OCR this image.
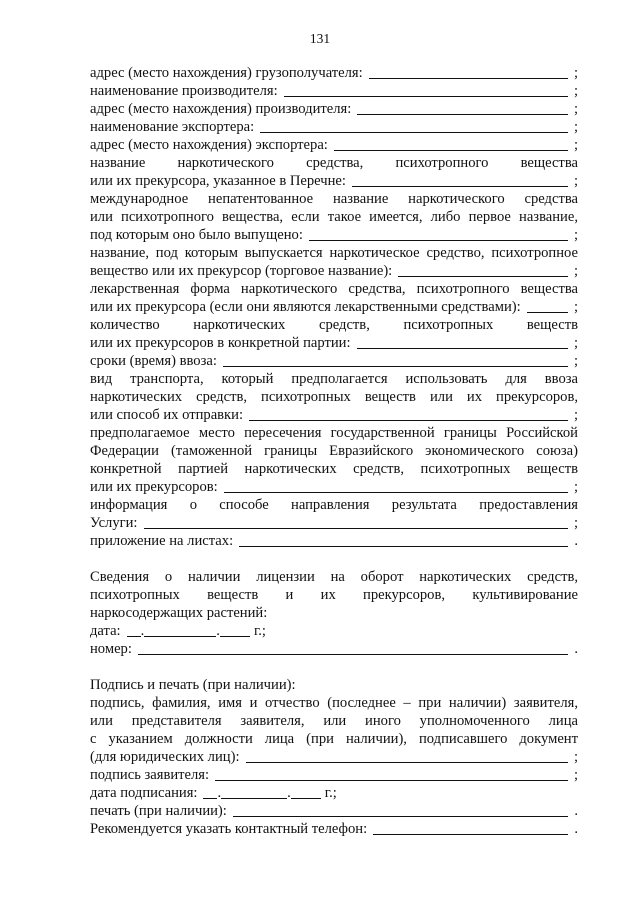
131
адрес (место нахождения) грузополучателя:	;
наименование производителя:	;
адрес (место нахождения) производителя:	;
наименование экспортера:	;
адрес (место нахождения) экспортера:	;
название наркотического средства, психотропного вещества
или их прекурсора, указанное в Перечне:	;
международное непатентованное название наркотического средства
или психотропного вещества, если такое имеется, либо первое название,
под которым оно было выпущено:	;
название, под которым выпускается наркотическое средство, психотропное
вещество или их прекурсор (торговое название):	;
лекарственная форма наркотического средства, психотропного вещества
или их прекурсора (если они являются лекарственными средствами):	;
количество наркотических средств, психотропных веществ
или их прекурсоров в конкретной партии:	;
сроки (время) ввоза:	;
вид транспорта, который предполагается использовать для ввоза
наркотических средств, психотропных веществ или их прекурсоров,
или способ их отправки:	;
предполагаемое место пересечения государственной границы Российской
Федерации (таможенной границы Евразийского экономического союза)
конкретной партией наркотических средств, психотропных веществ
или их прекурсоров:	;
информация о способе направления результата предоставления
Услуги:	;
приложение на листах:	.
Сведения о наличии лицензии на оборот наркотических средств,
психотропных веществ и их прекурсоров, культивирование
наркосодержащих растений:
дата: .	. г.;
номер:	.
Подпись и печать (при наличии):
подпись, фамилия, имя и отчество (последнее – при наличии) заявителя,
или представителя заявителя, или иного уполномоченного лица
с указанием должности лица (при наличии), подписавшего документ
(для юридических лиц):	;
подпись заявителя:	;
дата подписания: .	. г.;
печать (при наличии):	.
Рекомендуется указать контактный телефон:	.
